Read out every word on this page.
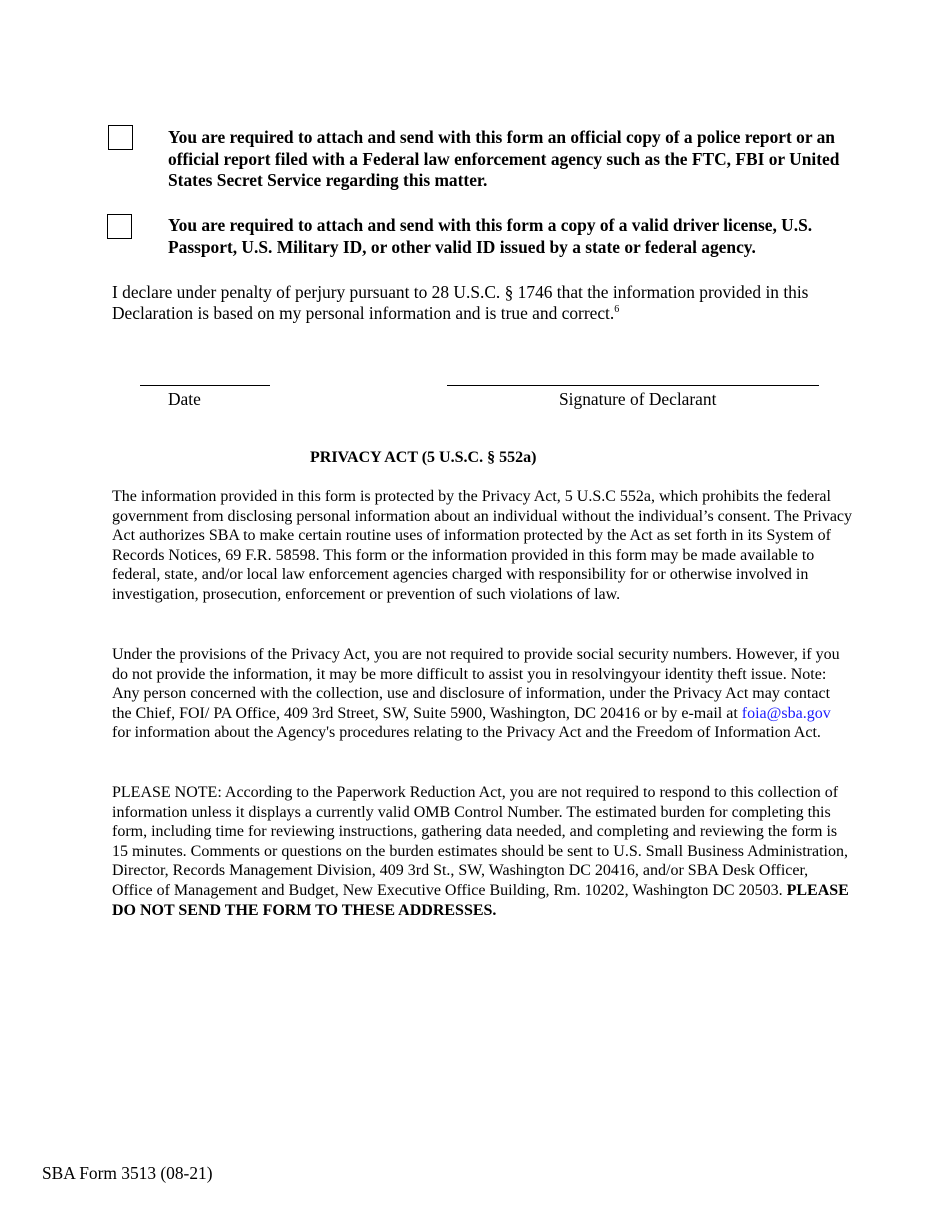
You are required to attach and send with this form an official copy of a police report or an official report filed with a Federal law enforcement agency such as the FTC, FBI or United States Secret Service regarding this matter.
You are required to attach and send with this form a copy of a valid driver license, U.S. Passport, U.S. Military ID, or other valid ID issued by a state or federal agency.
I declare under penalty of perjury pursuant to 28 U.S.C. § 1746 that the information provided in this Declaration is based on my personal information and is true and correct.$^6$
Date	Signature of Declarant
PRIVACY ACT (5 U.S.C. § 552a)
The information provided in this form is protected by the Privacy Act, 5 U.S.C 552a, which prohibits the federal government from disclosing personal information about an individual without the individual’s consent. The Privacy Act authorizes SBA to make certain routine uses of information protected by the Act as set forth in its System of Records Notices, 69 F.R. 58598. This form or the information provided in this form may be made available to federal, state, and/or local law enforcement agencies charged with responsibility for or otherwise involved in investigation, prosecution, enforcement or prevention of such violations of law.
Under the provisions of the Privacy Act, you are not required to provide social security numbers. However, if you do not provide the information, it may be more difficult to assist you in resolvingyour identity theft issue. Note: Any person concerned with the collection, use and disclosure of information, under the Privacy Act may contact the Chief, FOI/ PA Office, 409 3rd Street, SW, Suite 5900, Washington, DC 20416 or by e-mail at foia@sba.gov for information about the Agency's procedures relating to the Privacy Act and the Freedom of Information Act.
PLEASE NOTE: According to the Paperwork Reduction Act, you are not required to respond to this collection of information unless it displays a currently valid OMB Control Number. The estimated burden for completing this form, including time for reviewing instructions, gathering data needed, and completing and reviewing the form is 15 minutes. Comments or questions on the burden estimates should be sent to U.S. Small Business Administration, Director, Records Management Division, 409 3rd St., SW, Washington DC 20416, and/or SBA Desk Officer, Office of Management and Budget, New Executive Office Building, Rm. 10202, Washington DC 20503. PLEASE DO NOT SEND THE FORM TO THESE ADDRESSES.
SBA Form 3513 (08-21)
